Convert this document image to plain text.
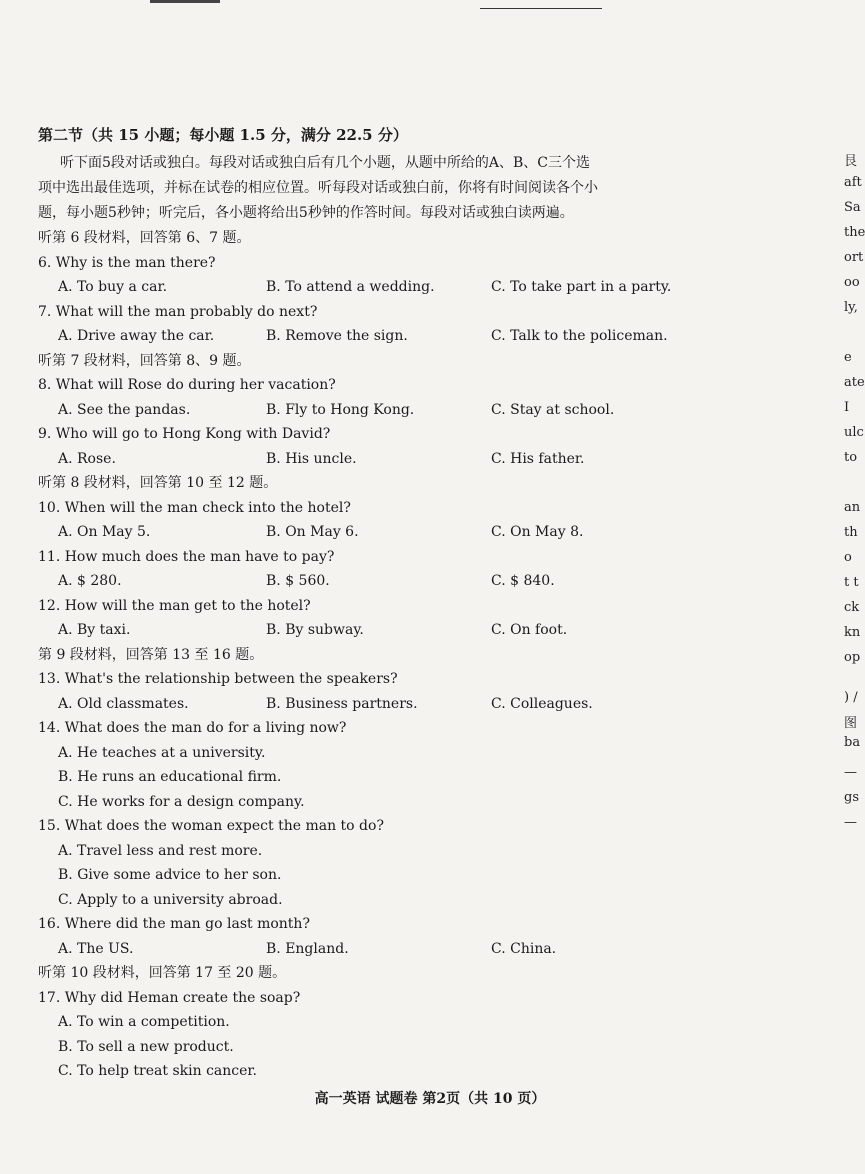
第二节（共 15 小题；每小题 1.5 分，满分 22.5 分）
听下面5段对话或独白。每段对话或独白后有几个小题，从题中所给的A、B、C三个选
项中选出最佳选项，并标在试卷的相应位置。听每段对话或独白前，你将有时间阅读各个小
题，每小题5秒钟；听完后，各小题将给出5秒钟的作答时间。每段对话或独白读两遍。
听第 6 段材料，回答第 6、7 题。
6. Why is the man there?
A. To buy a car.	B. To attend a wedding.	C. To take part in a party.
7. What will the man probably do next?
A. Drive away the car.	B. Remove the sign.	C. Talk to the policeman.
听第 7 段材料，回答第 8、9 题。
8. What will Rose do during her vacation?
A. See the pandas.	B. Fly to Hong Kong.	C. Stay at school.
9. Who will go to Hong Kong with David?
A. Rose.	B. His uncle.	C. His father.
听第 8 段材料，回答第 10 至 12 题。
10. When will the man check into the hotel?
A. On May 5.	B. On May 6.	C. On May 8.
11. How much does the man have to pay?
A. $ 280.	B. $ 560.	C. $ 840.
12. How will the man get to the hotel?
A. By taxi.	B. By subway.	C. On foot.
第 9 段材料，回答第 13 至 16 题。
13. What's the relationship between the speakers?
A. Old classmates.	B. Business partners.	C. Colleagues.
14. What does the man do for a living now?
A. He teaches at a university.
B. He runs an educational firm.
C. He works for a design company.
15. What does the woman expect the man to do?
A. Travel less and rest more.
B. Give some advice to her son.
C. Apply to a university abroad.
16. Where did the man go last month?
A. The US.	B. England.	C. China.
听第 10 段材料，回答第 17 至 20 题。
17. Why did Heman create the soap?
A. To win a competition.
B. To sell a new product.
C. To help treat skin cancer.
高一英语 试题卷 第2页（共 10 页）
艮
aft
Sa
the
ort
oo
ly,
e
ate
I
ulc
to
an
th
o
t t
ck
kn
op
) /
图
ba
—
gs
—
